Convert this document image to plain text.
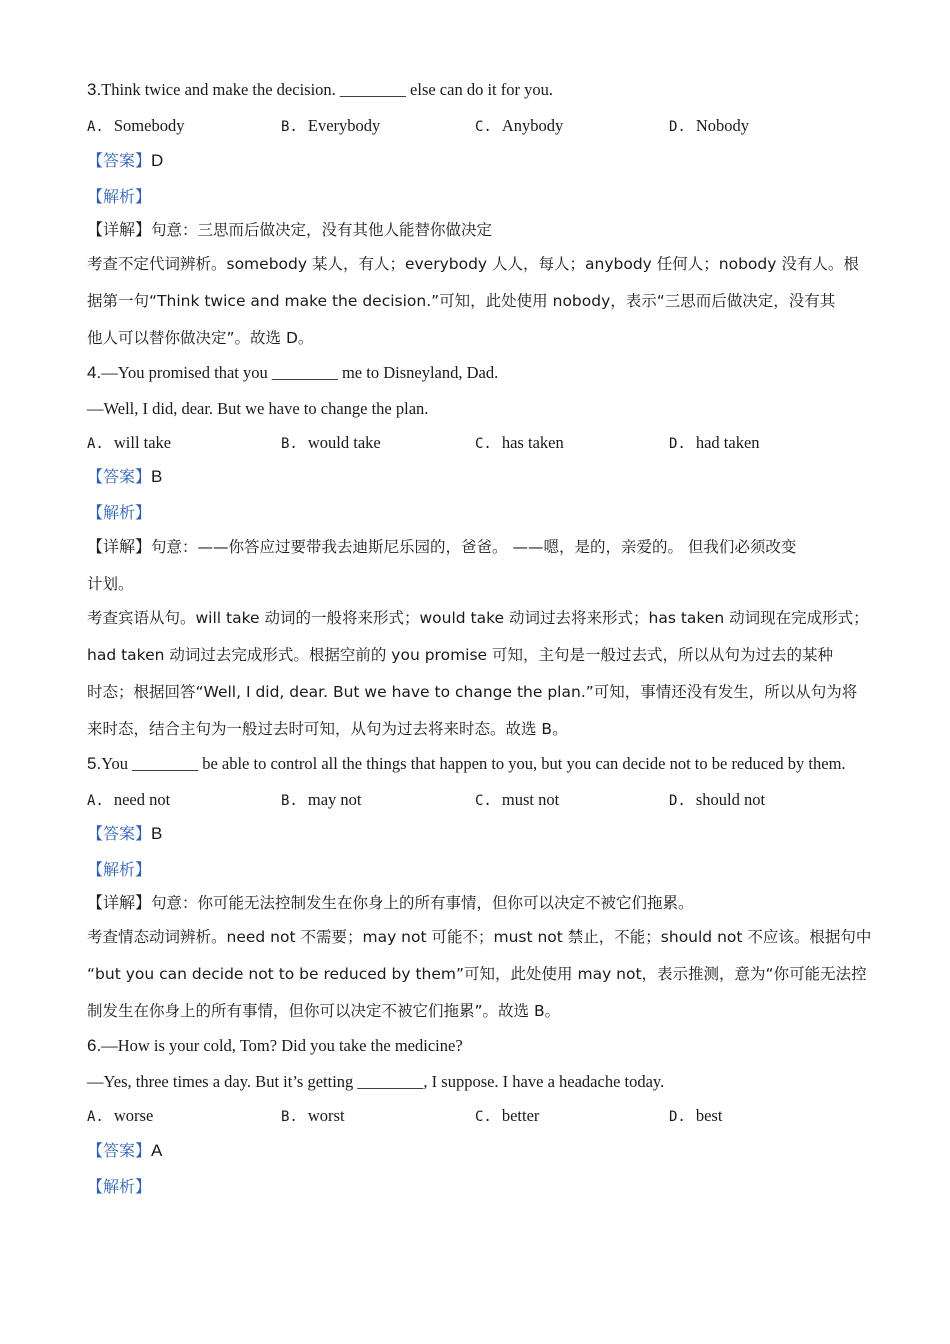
3.Think twice and make the decision. ________ else can do it for you.
A. Somebody	B. Everybody	C. Anybody	D. Nobody
【答案】D
【解析】
【详解】句意：三思而后做决定，没有其他人能替你做决定
考查不定代词辨析。somebody 某人，有人；everybody 人人，每人；anybody 任何人；nobody 没有人。根
据第一句“Think twice and make the decision.”可知，此处使用 nobody，表示“三思而后做决定，没有其
他人可以替你做决定”。故选 D。
4.—You promised that you ________ me to Disneyland, Dad.
—Well, I did, dear. But we have to change the plan.
A. will take	B. would take	C. has taken	D. had taken
【答案】B
【解析】
【详解】句意：——你答应过要带我去迪斯尼乐园的，爸爸。 ——嗯，是的，亲爱的。 但我们必须改变
计划。
考查宾语从句。will take 动词的一般将来形式；would take 动词过去将来形式；has taken 动词现在完成形式；
had taken 动词过去完成形式。根据空前的 you promise 可知，主句是一般过去式，所以从句为过去的某种
时态；根据回答“Well, I did, dear. But we have to change the plan.”可知，事情还没有发生，所以从句为将
来时态，结合主句为一般过去时可知，从句为过去将来时态。故选 B。
5.You ________ be able to control all the things that happen to you, but you can decide not to be reduced by them.
A. need not	B. may not	C. must not	D. should not
【答案】B
【解析】
【详解】句意：你可能无法控制发生在你身上的所有事情，但你可以决定不被它们拖累。
考查情态动词辨析。need not 不需要；may not 可能不；must not 禁止，不能；should not 不应该。根据句中
“but you can decide not to be reduced by them”可知，此处使用 may not，表示推测，意为“你可能无法控
制发生在你身上的所有事情，但你可以决定不被它们拖累”。故选 B。
6.—How is your cold, Tom? Did you take the medicine?
—Yes, three times a day. But it’s getting ________, I suppose. I have a headache today.
A. worse	B. worst	C. better	D. best
【答案】A
【解析】
